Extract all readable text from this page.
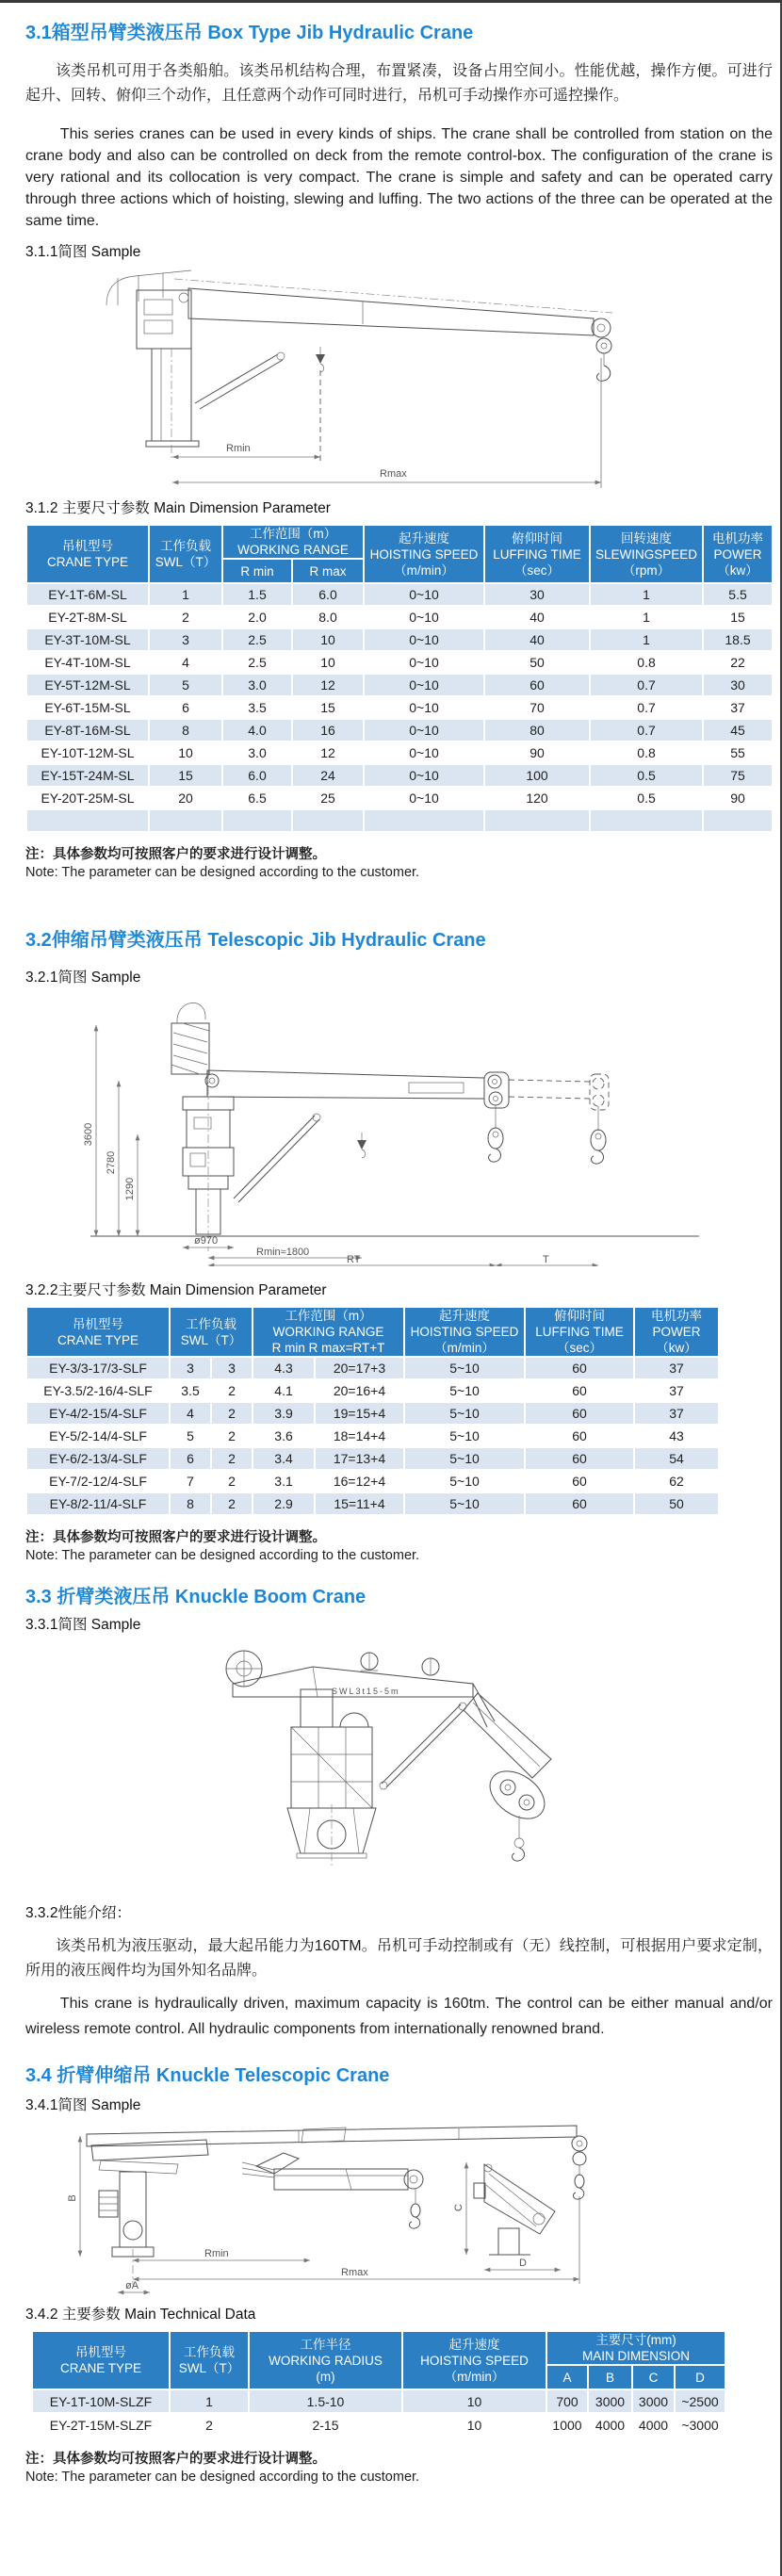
3.1箱型吊臂类液压吊 Box Type Jib Hydraulic Crane

该类吊机可用于各类船舶。该类吊机结构合理，布置紧凑，设备占用空间小。性能优越，操作方便。可进行起升、回转、俯仰三个动作，且任意两个动作可同时进行，吊机可手动操作亦可遥控操作。

This series cranes can be used in every kinds of ships. The crane shall be controlled from station on the crane body and also can be controlled on deck from the remote control-box. The configuration of the crane is very rational and its collocation is very compact. The crane is simple and safety and can be operated carry through three actions which of hoisting, slewing and luffing. The two actions of the three can be operated at the same time.

3.1.1简图 Sample

Rmin
Rmax

3.1.2 主要尺寸参数 Main Dimension Parameter

吊机型号
CRANE TYPE	工作负载
SWL（T）	工作范围（m）
WORKING RANGE		起升速度
HOISTING SPEED
（m/min）	俯仰时间
LUFFING TIME
（sec）	回转速度
SLEWINGSPEED
（rpm）	电机功率
POWER
（kw）

		R min	R max				
EY-1T-6M-SL	1	1.5	6.0	0~10	30	1	5.5
EY-2T-8M-SL	2	2.0	8.0	0~10	40	1	15
EY-3T-10M-SL	3	2.5	10	0~10	40	1	18.5
EY-4T-10M-SL	4	2.5	10	0~10	50	0.8	22
EY-5T-12M-SL	5	3.0	12	0~10	60	0.7	30
EY-6T-15M-SL	6	3.5	15	0~10	70	0.7	37
EY-8T-16M-SL	8	4.0	16	0~10	80	0.7	45
EY-10T-12M-SL	10	3.0	12	0~10	90	0.8	55
EY-15T-24M-SL	15	6.0	24	0~10	100	0.5	75
EY-20T-25M-SL	20	6.5	25	0~10	120	0.5	90

注：具体参数均可按照客户的要求进行设计调整。

Note: The parameter can be designed according to the customer.

3.2伸缩吊臂类液压吊 Telescopic Jib Hydraulic Crane

3.2.1简图 Sample

3600
2780
1290
ø970
Rmin≈1800
RT	T

3.2.2主要尺寸参数 Main Dimension Parameter

吊机型号
CRANE TYPE	工作负载
SWL（T）		工作范围（m）
WORKING RANGE
R min R max=RT+T		起升速度
HOISTING SPEED
（m/min）	俯仰时间
LUFFING TIME
（sec）	电机功率
POWER
（kw）

EY-3/3-17/3-SLF	3	3	4.3	20=17+3	5~10	60	37
EY-3.5/2-16/4-SLF	3.5	2	4.1	20=16+4	5~10	60	37
EY-4/2-15/4-SLF	4	2	3.9	19=15+4	5~10	60	37
EY-5/2-14/4-SLF	5	2	3.6	18=14+4	5~10	60	43
EY-6/2-13/4-SLF	6	2	3.4	17=13+4	5~10	60	54
EY-7/2-12/4-SLF	7	2	3.1	16=12+4	5~10	60	62
EY-8/2-11/4-SLF	8	2	2.9	15=11+4	5~10	60	50

注：具体参数均可按照客户的要求进行设计调整。

Note: The parameter can be designed according to the customer.

3.3 折臂类液压吊 Knuckle Boom Crane

3.3.1简图 Sample

SWL3t15-5m

3.3.2性能介绍：

该类吊机为液压驱动，最大起吊能力为160TM。吊机可手动控制或有（无）线控制，可根据用户要求定制，所用的液压阀件均为国外知名品牌。

This crane is hydraulically driven, maximum capacity is 160tm. The control can be either manual and/or wireless remote control. All hydraulic components from internationally renowned brand.

3.4 折臂伸缩吊 Knuckle Telescopic Crane

3.4.1简图 Sample

B
C
D
Rmin
Rmax
øA

3.4.2 主要参数 Main Technical Data

吊机型号
CRANE TYPE	工作负载
SWL（T）	工作半径
WORKING RADIUS
(m)	起升速度
HOISTING SPEED
（m/min）	主要尺寸(mm)
MAIN DIMENSION			

				A	B	C	D
EY-1T-10M-SLZF	1	1.5-10	10	700	3000	3000	~2500
EY-2T-15M-SLZF	2	2-15	10	1000	4000	4000	~3000

注：具体参数均可按照客户的要求进行设计调整。

Note: The parameter can be designed according to the customer.
